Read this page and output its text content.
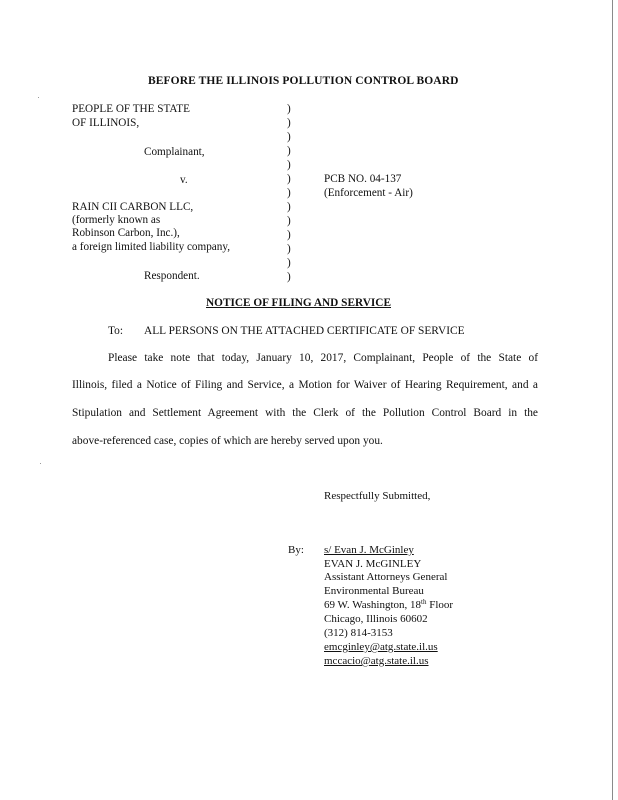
BEFORE THE ILLINOIS POLLUTION CONTROL BOARD
PEOPLE OF THE STATE
OF ILLINOIS,
Complainant,
v.
RAIN CII CARBON LLC,
(formerly known as
Robinson Carbon, Inc.),
a foreign limited liability company,
Respondent.
)
)
)
)
)
)
)
)
)
)
)
)
)
PCB NO. 04-137
(Enforcement - Air)
NOTICE OF FILING AND SERVICE
To: ALL PERSONS ON THE ATTACHED CERTIFICATE OF SERVICE
Please take note that today, January 10, 2017, Complainant, People of the State of
Illinois, filed a Notice of Filing and Service, a Motion for Waiver of Hearing Requirement, and a
Stipulation and Settlement Agreement with the Clerk of the Pollution Control Board in the
above-referenced case, copies of which are hereby served upon you.
Respectfully Submitted,
By: s/ Evan J. McGinley
EVAN J. McGINLEY
Assistant Attorneys General
Environmental Bureau
69 W. Washington, 18th Floor
Chicago, Illinois 60602
(312) 814-3153
emcginley@atg.state.il.us
mccacio@atg.state.il.us
